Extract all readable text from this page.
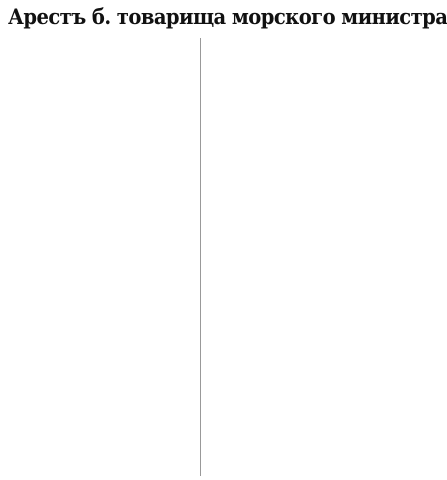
Арестъ б. товарища морского министра
